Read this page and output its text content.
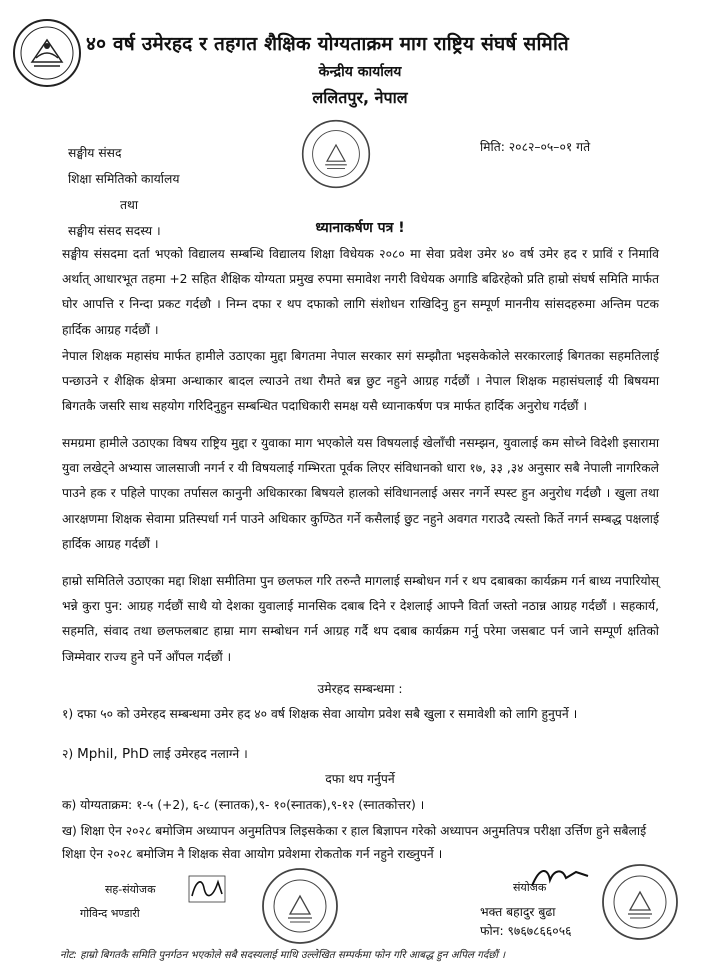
४० वर्ष उमेरहद र तहगत शैक्षिक योग्यताक्रम माग राष्ट्रिय संघर्ष समिति
केन्द्रीय कार्यालय
ललितपुर, नेपाल
सङ्घीय संसद
शिक्षा समितिको कार्यालय
तथा
सङ्घीय संसद सदस्य ।
मिति: २०८२–०५–०१ गते
ध्यानाकर्षण पत्र !
सङ्घीय संसदमा दर्ता भएको विद्यालय सम्बन्धि विद्यालय शिक्षा विधेयक २०८० मा सेवा प्रवेश उमेर ४० वर्ष उमेर हद र प्राविं र निमावि अर्थात् आधारभूत तहमा +2 सहित शैक्षिक योग्यता प्रमुख रुपमा समावेश नगरी विधेयक अगाडि बढिरहेको प्रति हाम्रो संघर्ष समिति मार्फत घोर आपत्ति र निन्दा प्रकट गर्दछौ । निम्न दफा र थप दफाको लागि संशोधन राखिदिनु हुन सम्पूर्ण माननीय सांसदहरुमा अन्तिम पटक हार्दिक आग्रह गर्दछौं ।
नेपाल शिक्षक महासंघ मार्फत हामीले उठाएका मुद्दा बिगतमा नेपाल सरकार सगं सम्झौता भइसकेकोले सरकारलाई बिगतका सहमतिलाई पन्छाउने र शैक्षिक क्षेत्रमा अन्धाकार बादल ल्याउने तथा रौमते बन्न छुट नहुने आग्रह गर्दछौं । नेपाल शिक्षक महासंघलाई यी बिषयमा बिगतकै जसरि साथ सहयोग गरिदिनुहुन सम्बन्धित पदाधिकारी समक्ष यसै ध्यानाकर्षण पत्र मार्फत हार्दिक अनुरोध गर्दछौं ।
समग्रमा हामीले उठाएका विषय राष्ट्रिय मुद्दा र युवाका माग भएकोले यस विषयलाई खेलाँची नसम्झन, युवालाई कम सोच्ने विदेशी इसारामा युवा लखेट्ने अभ्यास जालसाजी नगर्न र यी विषयलाई गम्भिरता पूर्वक लिएर संविधानको धारा १७, ३३ ,३४ अनुसार सबै नेपाली नागरिकले पाउने हक र पहिले पाएका तर्पासल कानुनी अधिकारका बिषयले हालको संविधानलाई असर नगर्ने स्पस्ट हुन अनुरोध गर्दछौ । खुला तथा आरक्षणमा शिक्षक सेवामा प्रतिस्पर्धा गर्न पाउने अधिकार कुण्ठित गर्ने कसैलाई छुट नहुने अवगत गराउदै त्यस्तो किर्ते नगर्न सम्बद्ध पक्षलाई हार्दिक आग्रह गर्दछौं ।
हाम्रो समितिले उठाएका मद्दा शिक्षा समीतिमा पुन छलफल गरि तरुन्तै मागलाई सम्बोधन गर्न र थप दबाबका कार्यक्रम गर्न बाध्य नपारियोस् भन्ने कुरा पुन: आग्रह गर्दछौं साथै यो देशका युवालाई मानसिक दबाब दिने र देशलाई आफ्नै विर्ता जस्तो नठान्न आग्रह गर्दछौं । सहकार्य, सहमति, संवाद तथा छलफलबाट हाम्रा माग सम्बोधन गर्न आग्रह गर्दै थप दबाब कार्यक्रम गर्नु परेमा जसबाट पर्न जाने सम्पूर्ण क्षतिको जिम्मेवार राज्य हुने पर्ने आँपल गर्दछौं ।
उमेरहद सम्बन्धमा :
१) दफा ५० को उमेरहद सम्बन्धमा उमेर हद ४० वर्ष शिक्षक सेवा आयोग प्रवेश सबै खुला र समावेशी को लागि हुनुपर्ने ।
२) Mphil, PhD लाई उमेरहद नलाग्ने ।
दफा थप गर्नुपर्ने
क) योग्यताक्रम: १-५ (+2), ६-८ (स्नातक),९- १०(स्नातक),९-१२ (स्नातकोत्तर) ।
ख) शिक्षा ऐन २०२८ बमोजिम अध्यापन अनुमतिपत्र लिइसकेका र हाल बिज्ञापन गरेको अध्यापन अनुमतिपत्र परीक्षा उर्त्तिण हुने सबैलाई शिक्षा ऐन २०२८ बमोजिम नै शिक्षक सेवा आयोग प्रवेशमा रोकतोक गर्न नहुने राख्नुपर्ने ।
सह-संयोजक
गोविन्द भण्डारी
संयोजक
भक्त बहादुर बुढा
फोन: ९७६७८६६०५६
नोट: हाम्रो बिगतकै समिति पुनर्गठन भएकोले सबै सदस्यलाई माथि उल्लेखित सम्पर्कमा फोन गरि आबद्ध हुन अपिल गर्दछौं ।
